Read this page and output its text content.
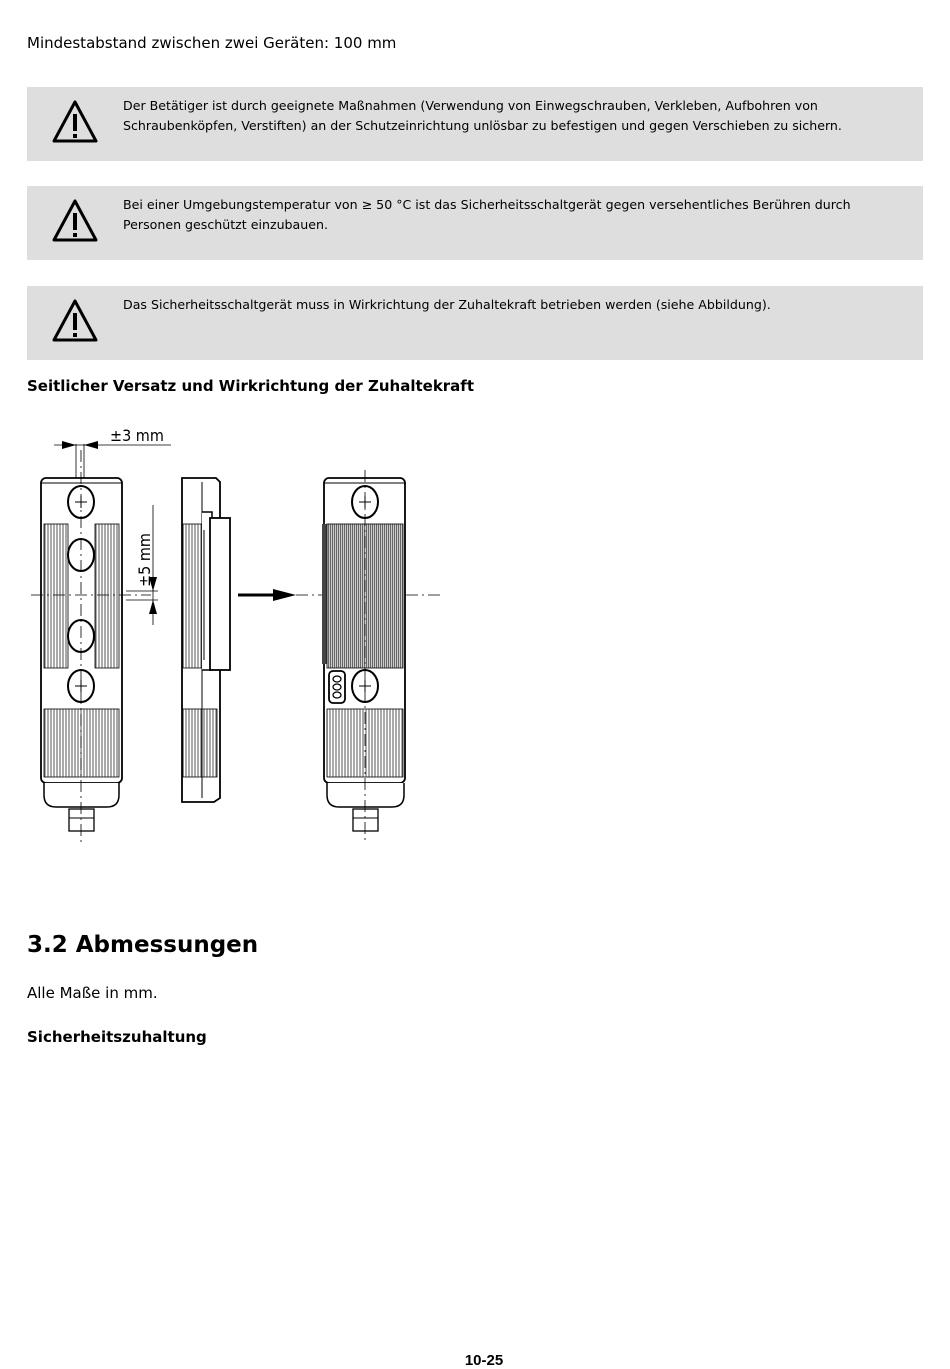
Mindestabstand zwischen zwei Geräten: 100 mm
Der Betätiger ist durch geeignete Maßnahmen (Verwendung von Einwegschrauben, Verkleben, Aufbohren von Schraubenköpfen, Verstiften) an der Schutzeinrichtung unlösbar zu befestigen und gegen Verschieben zu sichern.
Bei einer Umgebungstemperatur von ≥ 50 °C ist das Sicherheitsschaltgerät gegen versehentliches Berühren durch Personen geschützt einzubauen.
Das Sicherheitsschaltgerät muss in Wirkrichtung der Zuhaltekraft betrieben werden (siehe Abbildung).
Seitlicher Versatz und Wirkrichtung der Zuhaltekraft
±3 mm
±5 mm
3.2 Abmessungen
Alle Maße in mm.
Sicherheitszuhaltung
10-25
